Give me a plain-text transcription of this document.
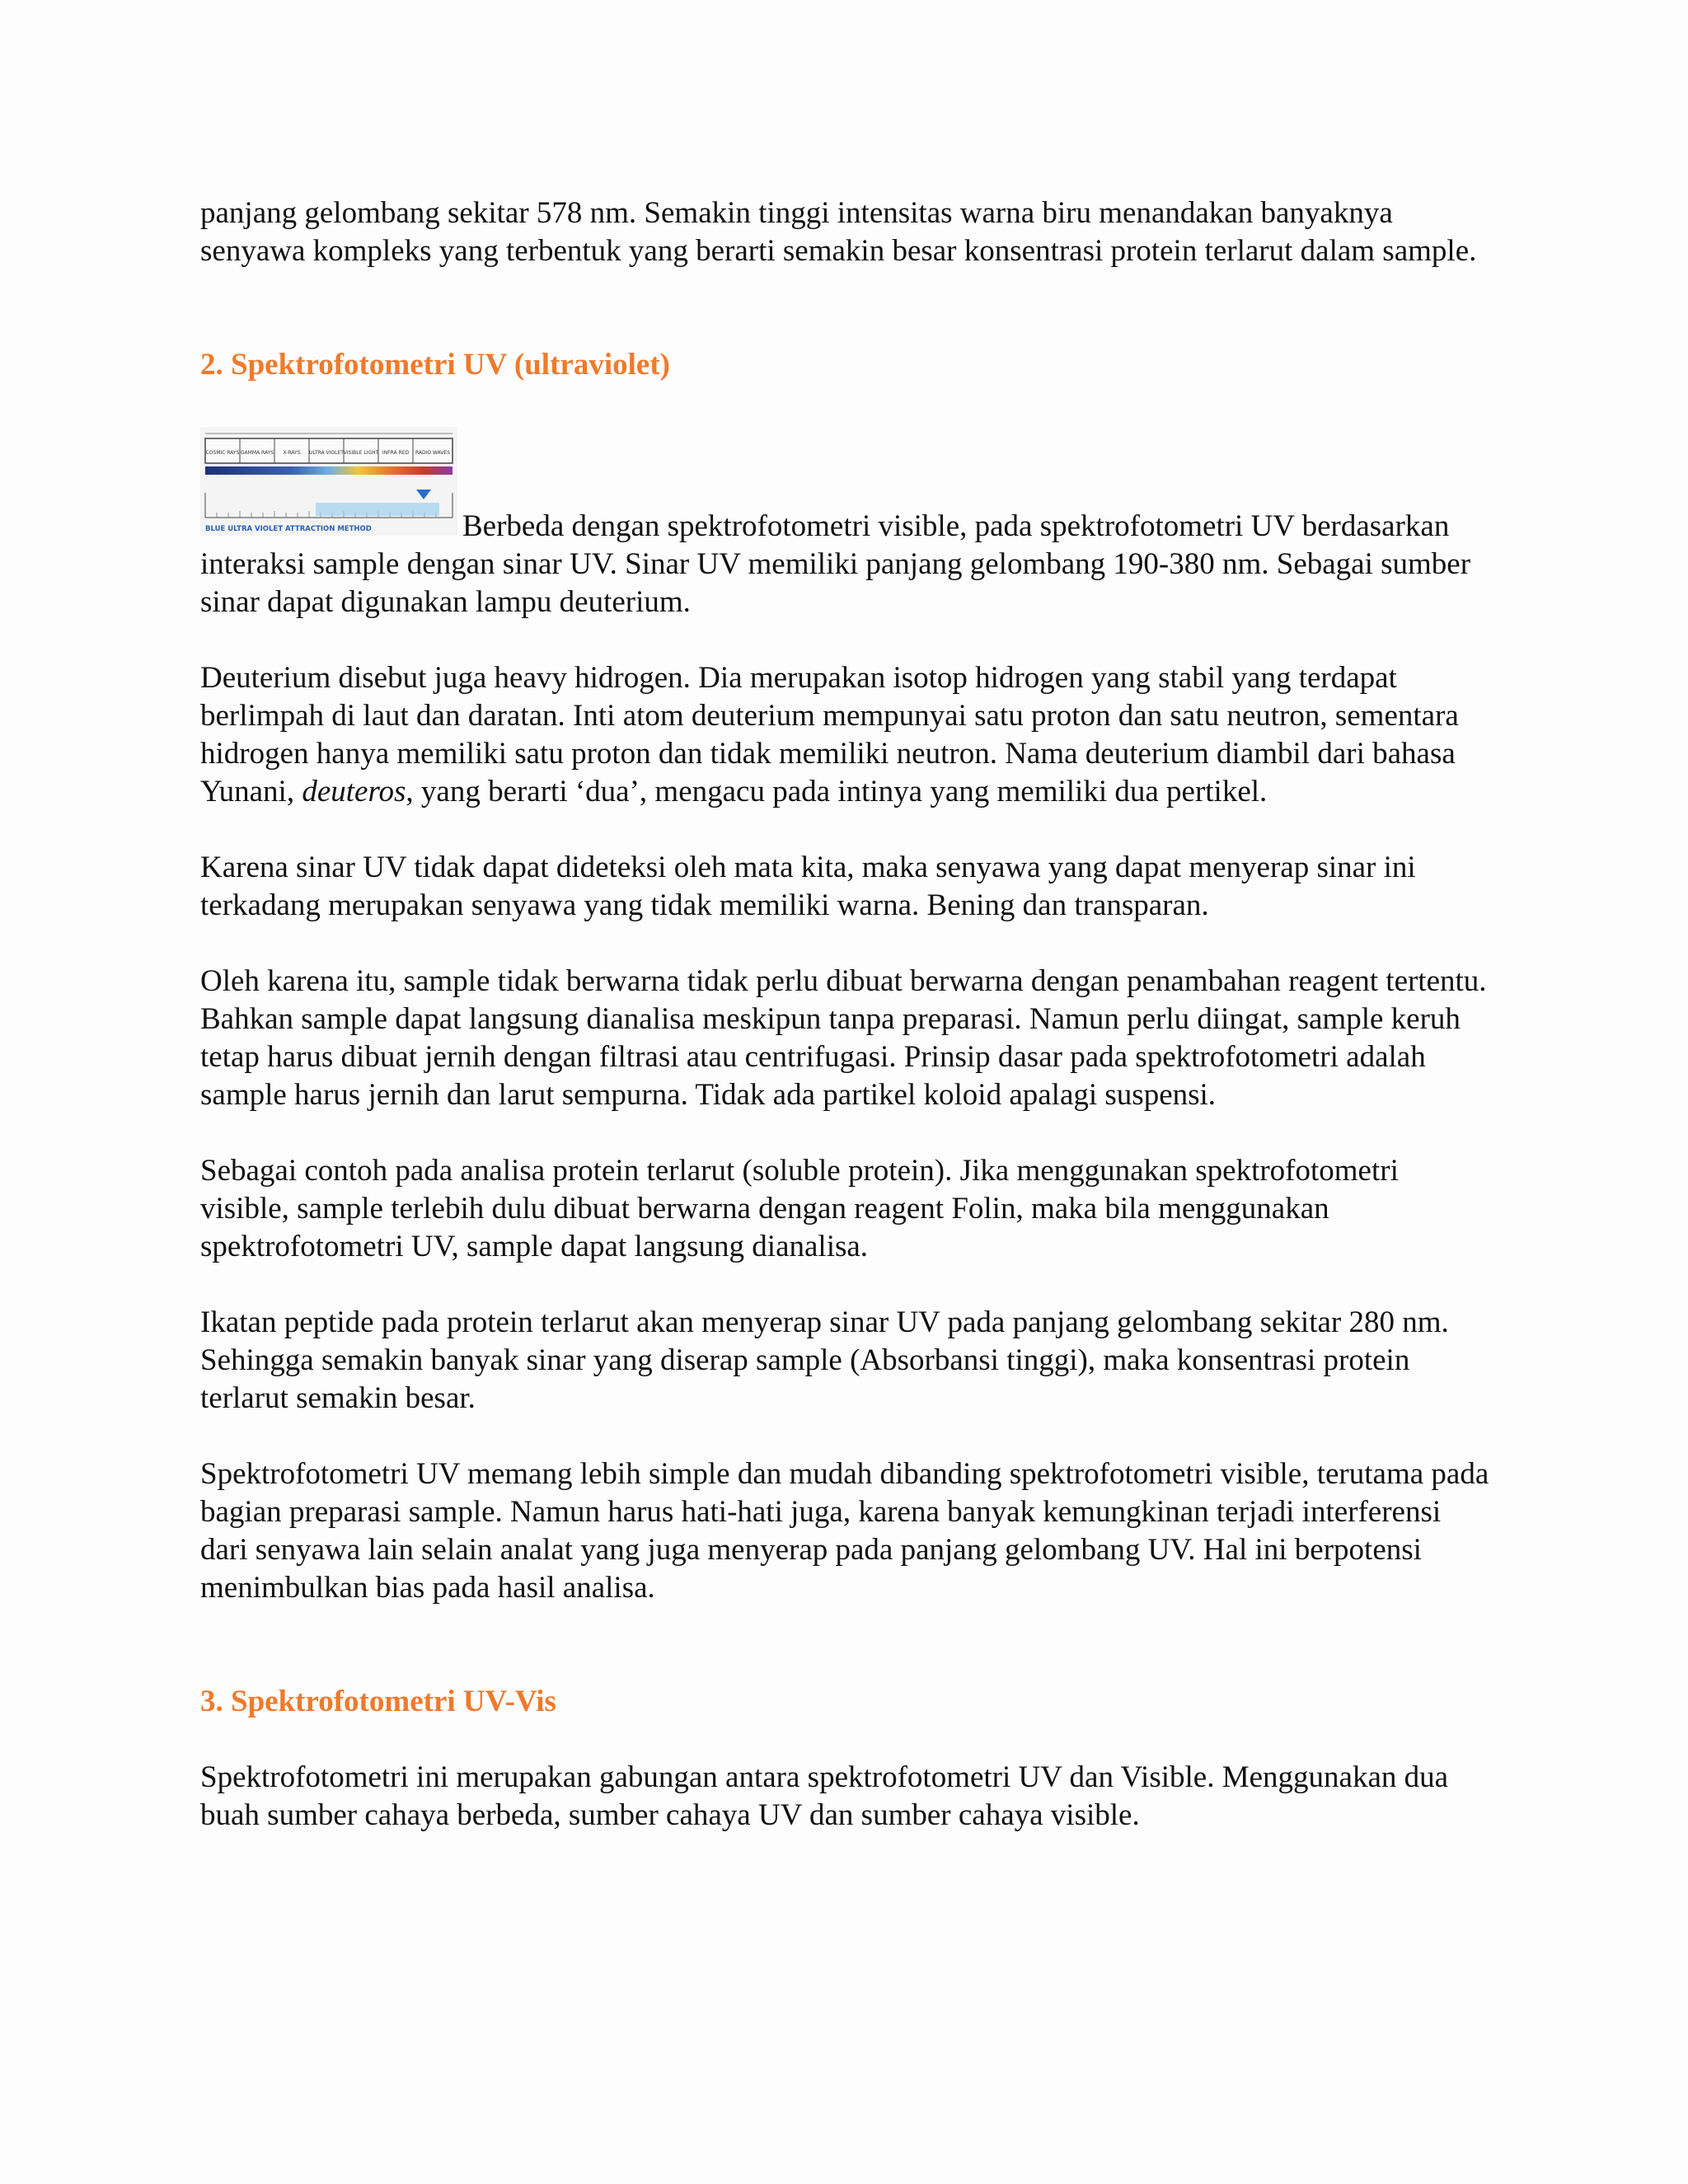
panjang gelombang sekitar 578 nm. Semakin tinggi intensitas warna biru menandakan banyaknya senyawa kompleks yang terbentuk yang berarti semakin besar konsentrasi protein terlarut dalam sample.

2. Spektrofotometri UV (ultraviolet)

COSMIC RAYS GAMMA RAYS X-RAYS ULTRA VIOLET VISIBLE LIGHT INFRA RED RADIO WAVES
BLUE ULTRA VIOLET ATTRACTION METHOD	Berbeda dengan spektrofotometri visible, pada spektrofotometri UV berdasarkan interaksi sample dengan sinar UV. Sinar UV memiliki panjang gelombang 190-380 nm. Sebagai sumber sinar dapat digunakan lampu deuterium.

Deuterium disebut juga heavy hidrogen. Dia merupakan isotop hidrogen yang stabil yang terdapat berlimpah di laut dan daratan. Inti atom deuterium mempunyai satu proton dan satu neutron, sementara hidrogen hanya memiliki satu proton dan tidak memiliki neutron. Nama deuterium diambil dari bahasa Yunani, deuteros, yang berarti ‘dua’, mengacu pada intinya yang memiliki dua pertikel.

Karena sinar UV tidak dapat dideteksi oleh mata kita, maka senyawa yang dapat menyerap sinar ini terkadang merupakan senyawa yang tidak memiliki warna. Bening dan transparan.

Oleh karena itu, sample tidak berwarna tidak perlu dibuat berwarna dengan penambahan reagent tertentu. Bahkan sample dapat langsung dianalisa meskipun tanpa preparasi. Namun perlu diingat, sample keruh tetap harus dibuat jernih dengan filtrasi atau centrifugasi. Prinsip dasar pada spektrofotometri adalah sample harus jernih dan larut sempurna. Tidak ada partikel koloid apalagi suspensi.

Sebagai contoh pada analisa protein terlarut (soluble protein). Jika menggunakan spektrofotometri visible, sample terlebih dulu dibuat berwarna dengan reagent Folin, maka bila menggunakan spektrofotometri UV, sample dapat langsung dianalisa.

Ikatan peptide pada protein terlarut akan menyerap sinar UV pada panjang gelombang sekitar 280 nm. Sehingga semakin banyak sinar yang diserap sample (Absorbansi tinggi), maka konsentrasi protein terlarut semakin besar.

Spektrofotometri UV memang lebih simple dan mudah dibanding spektrofotometri visible, terutama pada bagian preparasi sample. Namun harus hati-hati juga, karena banyak kemungkinan terjadi interferensi dari senyawa lain selain analat yang juga menyerap pada panjang gelombang UV. Hal ini berpotensi menimbulkan bias pada hasil analisa.

3. Spektrofotometri UV-Vis

Spektrofotometri ini merupakan gabungan antara spektrofotometri UV dan Visible. Menggunakan dua buah sumber cahaya berbeda, sumber cahaya UV dan sumber cahaya visible.
